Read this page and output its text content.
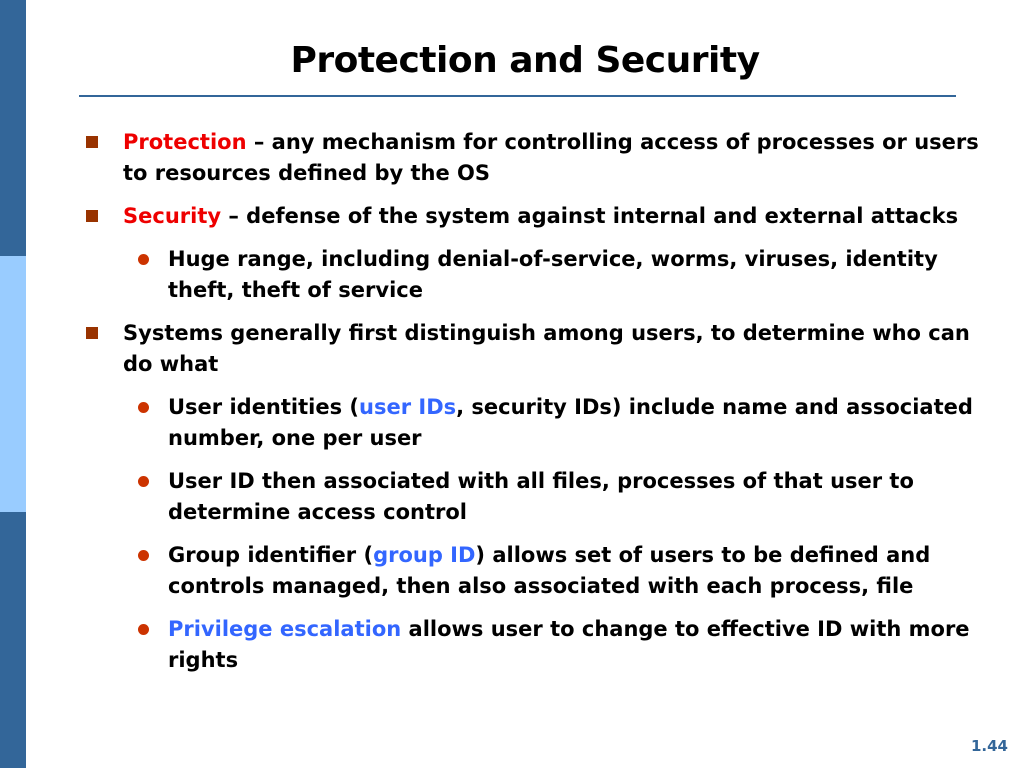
Protection and Security
Protection – any mechanism for controlling access of processes or users to resources defined by the OS
Security – defense of the system against internal and external attacks
Huge range, including denial-of-service, worms, viruses, identity theft, theft of service
Systems generally first distinguish among users, to determine who can do what
User identities (user IDs, security IDs) include name and associated number, one per user
User ID then associated with all files, processes of that user to determine access control
Group identifier (group ID) allows set of users to be defined and controls managed, then also associated with each process, file
Privilege escalation allows user to change to effective ID with more rights
1.44
